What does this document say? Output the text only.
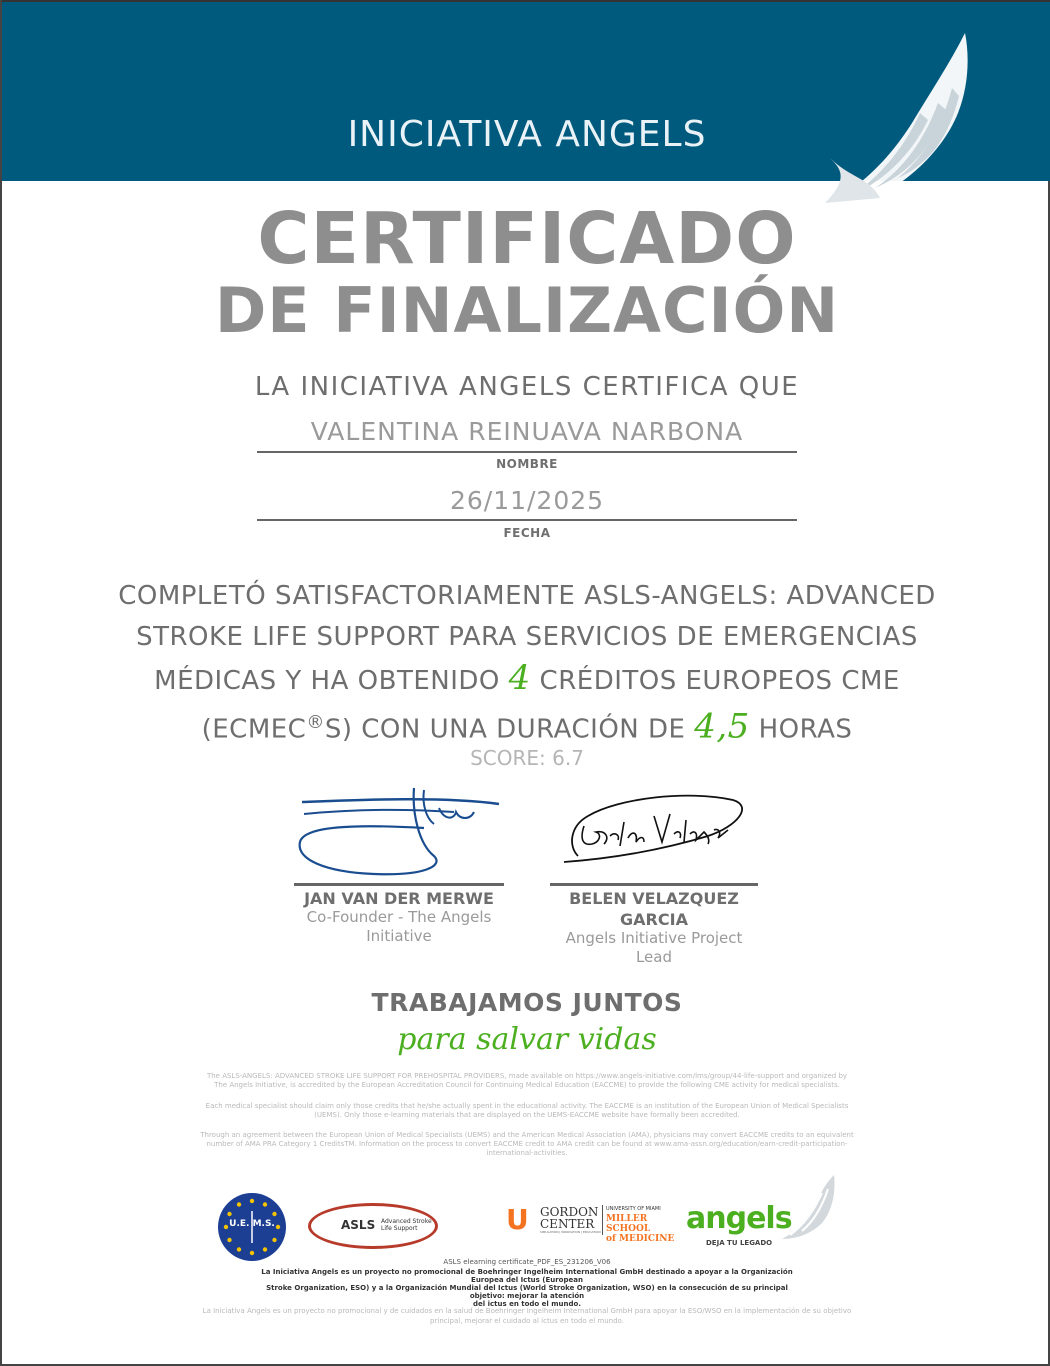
INICIATIVA ANGELS
CERTIFICADO
DE FINALIZACIÓN
LA INICIATIVA ANGELS CERTIFICA QUE
VALENTINA REINUAVA NARBONA
NOMBRE
26/11/2025
FECHA
COMPLETÓ SATISFACTORIAMENTE ASLS-ANGELS: ADVANCED
STROKE LIFE SUPPORT PARA SERVICIOS DE EMERGENCIAS
MÉDICAS Y HA OBTENIDO 4 CRÉDITOS EUROPEOS CME
(ECMEC®S) CON UNA DURACIÓN DE 4,5 HORAS
SCORE: 6.7
JAN VAN DER MERWE
Co-Founder - The Angels
Initiative
BELEN VELAZQUEZ
GARCIA
Angels Initiative Project
Lead
TRABAJAMOS JUNTOS
para salvar vidas
The ASLS-ANGELS: ADVANCED STROKE LIFE SUPPORT FOR PREHOSPITAL PROVIDERS, made available on https://www.angels-initiative.com/lms/group/44-life-support and organized by
The Angels Initiative, is accredited by the European Accreditation Council for Continuing Medical Education (EACCME) to provide the following CME activity for medical specialists.
Each medical specialist should claim only those credits that he/she actually spent in the educational activity. The EACCME is an institution of the European Union of Medical Specialists
(UEMS). Only those e-learning materials that are displayed on the UEMS-EACCME website have formally been accredited.
Through an agreement between the European Union of Medical Specialists (UEMS) and the American Medical Association (AMA), physicians may convert EACCME credits to an equivalent
number of AMA PRA Category 1 CreditsTM. Information on the process to convert EACCME credit to AMA credit can be found at www.ama-assn.org/education/earn-credit-participation-
international-activities.
U.E. M.S.	ASLS Advanced Stroke
Life Support	U GORDON
CENTER
SIMULATION | INNOVATION | EDUCATION
UNIVERSITY OF MIAMI
MILLER SCHOOL
of MEDICINE
angels
DEJA TU LEGADO
ASLS elearning certificate_PDF_ES_231206_V06
La Iniciativa Angels es un proyecto no promocional de Boehringer Ingelheim International GmbH destinado a apoyar a la Organización Europea del Ictus (European
Stroke Organization, ESO) y a la Organización Mundial del Ictus (World Stroke Organization, WSO) en la consecución de su principal objetivo: mejorar la atención
del ictus en todo el mundo.
La Iniciativa Angels es un proyecto no promocional y de cuidados en la salud de Boehringer Ingelheim International GmbH para apoyar la ESO/WSO en la implementación de su objetivo
principal, mejorar el cuidado al ictus en todo el mundo.
